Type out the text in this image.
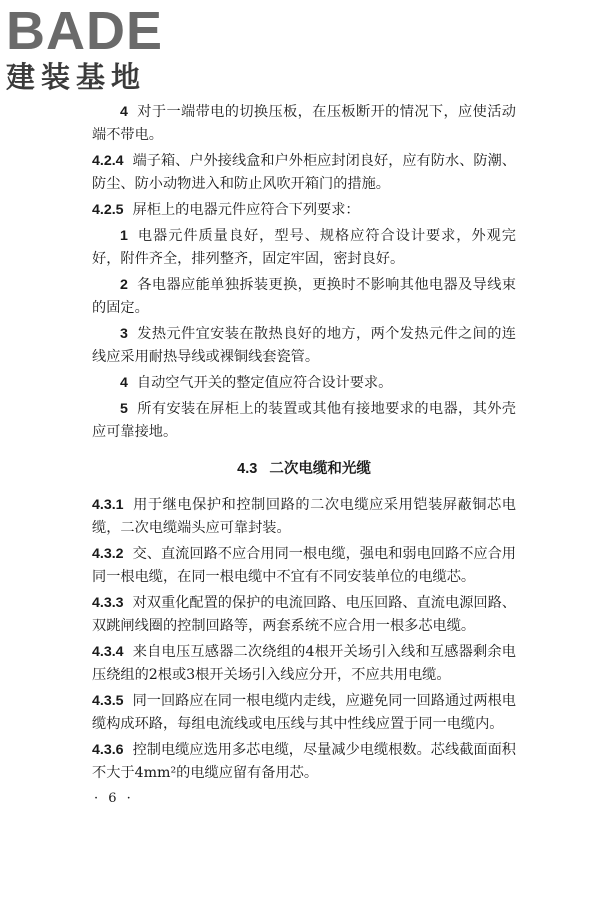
BADE
建装基地

4 对于一端带电的切换压板，在压板断开的情况下，应使活动端不带电。

4.2.4 端子箱、户外接线盒和户外柜应封闭良好，应有防水、防潮、防尘、防小动物进入和防止风吹开箱门的措施。

4.2.5 屏柜上的电器元件应符合下列要求：

1 电器元件质量良好，型号、规格应符合设计要求，外观完好，附件齐全，排列整齐，固定牢固，密封良好。

2 各电器应能单独拆装更换，更换时不影响其他电器及导线束的固定。

3 发热元件宜安装在散热良好的地方，两个发热元件之间的连线应采用耐热导线或裸铜线套瓷管。

4 自动空气开关的整定值应符合设计要求。

5 所有安装在屏柜上的装置或其他有接地要求的电器，其外壳应可靠接地。

4.3 二次电缆和光缆

4.3.1 用于继电保护和控制回路的二次电缆应采用铠装屏蔽铜芯电缆，二次电缆端头应可靠封装。

4.3.2 交、直流回路不应合用同一根电缆，强电和弱电回路不应合用同一根电缆，在同一根电缆中不宜有不同安装单位的电缆芯。

4.3.3 对双重化配置的保护的电流回路、电压回路、直流电源回路、双跳闸线圈的控制回路等，两套系统不应合用一根多芯电缆。

4.3.4 来自电压互感器二次绕组的4根开关场引入线和互感器剩余电压绕组的2根或3根开关场引入线应分开，不应共用电缆。

4.3.5 同一回路应在同一根电缆内走线，应避免同一回路通过两根电缆构成环路，每组电流线或电压线与其中性线应置于同一电缆内。

4.3.6 控制电缆应选用多芯电缆，尽量减少电缆根数。芯线截面面积不大于4mm²的电缆应留有备用芯。

· 6 ·
